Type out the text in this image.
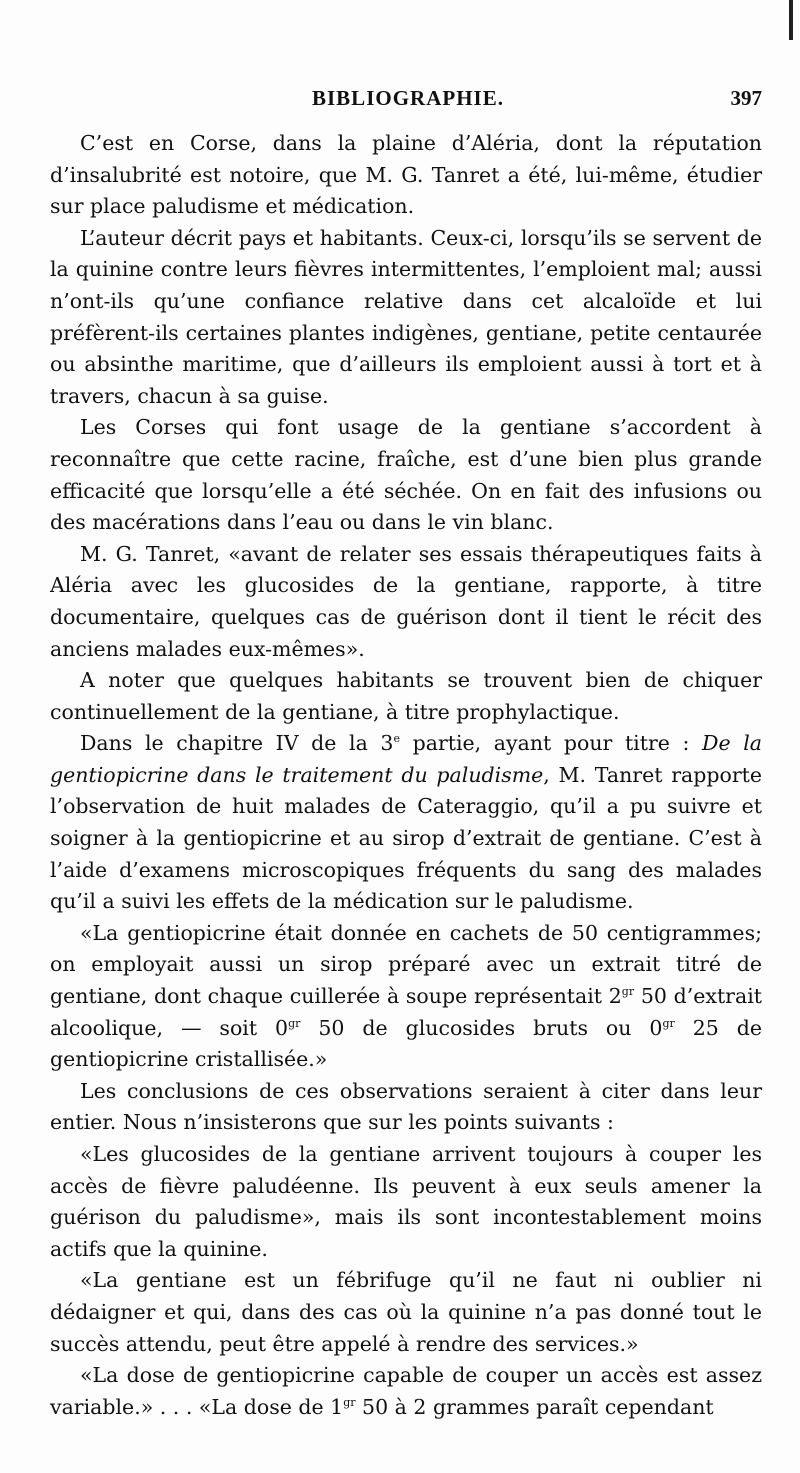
BIBLIOGRAPHIE.	397

C’est en Corse, dans la plaine d’Aléria, dont la réputation d’insalubrité est notoire, que M. G. Tanret a été, lui-même, étudier sur place paludisme et médication.

L’auteur décrit pays et habitants. Ceux-ci, lorsqu’ils se servent de la quinine contre leurs fièvres intermittentes, l’emploient mal; aussi n’ont-ils qu’une confiance relative dans cet alcaloïde et lui préfèrent-ils certaines plantes indigènes, gentiane, petite centaurée ou absinthe maritime, que d’ailleurs ils emploient aussi à tort et à travers, chacun à sa guise.

Les Corses qui font usage de la gentiane s’accordent à reconnaître que cette racine, fraîche, est d’une bien plus grande efficacité que lorsqu’elle a été séchée. On en fait des infusions ou des macérations dans l’eau ou dans le vin blanc.

M. G. Tanret, «avant de relater ses essais thérapeutiques faits à Aléria avec les glucosides de la gentiane, rapporte, à titre documentaire, quelques cas de guérison dont il tient le récit des anciens malades eux-mêmes».

A noter que quelques habitants se trouvent bien de chiquer continuellement de la gentiane, à titre prophylactique.

Dans le chapitre IV de la 3e partie, ayant pour titre : De la gentiopicrine dans le traitement du paludisme, M. Tanret rapporte l’observation de huit malades de Cateraggio, qu’il a pu suivre et soigner à la gentiopicrine et au sirop d’extrait de gentiane. C’est à l’aide d’examens microscopiques fréquents du sang des malades qu’il a suivi les effets de la médication sur le paludisme.

«La gentiopicrine était donnée en cachets de 50 centigrammes; on employait aussi un sirop préparé avec un extrait titré de gentiane, dont chaque cuillerée à soupe représentait $2^{gr}$ 50 d’extrait alcoolique, — soit $0^{gr}$ 50 de glucosides bruts ou $0^{gr}$ 25 de gentiopicrine cristallisée.»

Les conclusions de ces observations seraient à citer dans leur entier. Nous n’insisterons que sur les points suivants :

«Les glucosides de la gentiane arrivent toujours à couper les accès de fièvre paludéenne. Ils peuvent à eux seuls amener la guérison du paludisme», mais ils sont incontestablement moins actifs que la quinine.

«La gentiane est un fébrifuge qu’il ne faut ni oublier ni dédaigner et qui, dans des cas où la quinine n’a pas donné tout le succès attendu, peut être appelé à rendre des services.»

«La dose de gentiopicrine capable de couper un accès est assez variable.» . . . «La dose de $1^{gr}$ 50 à 2 grammes paraît cependant
